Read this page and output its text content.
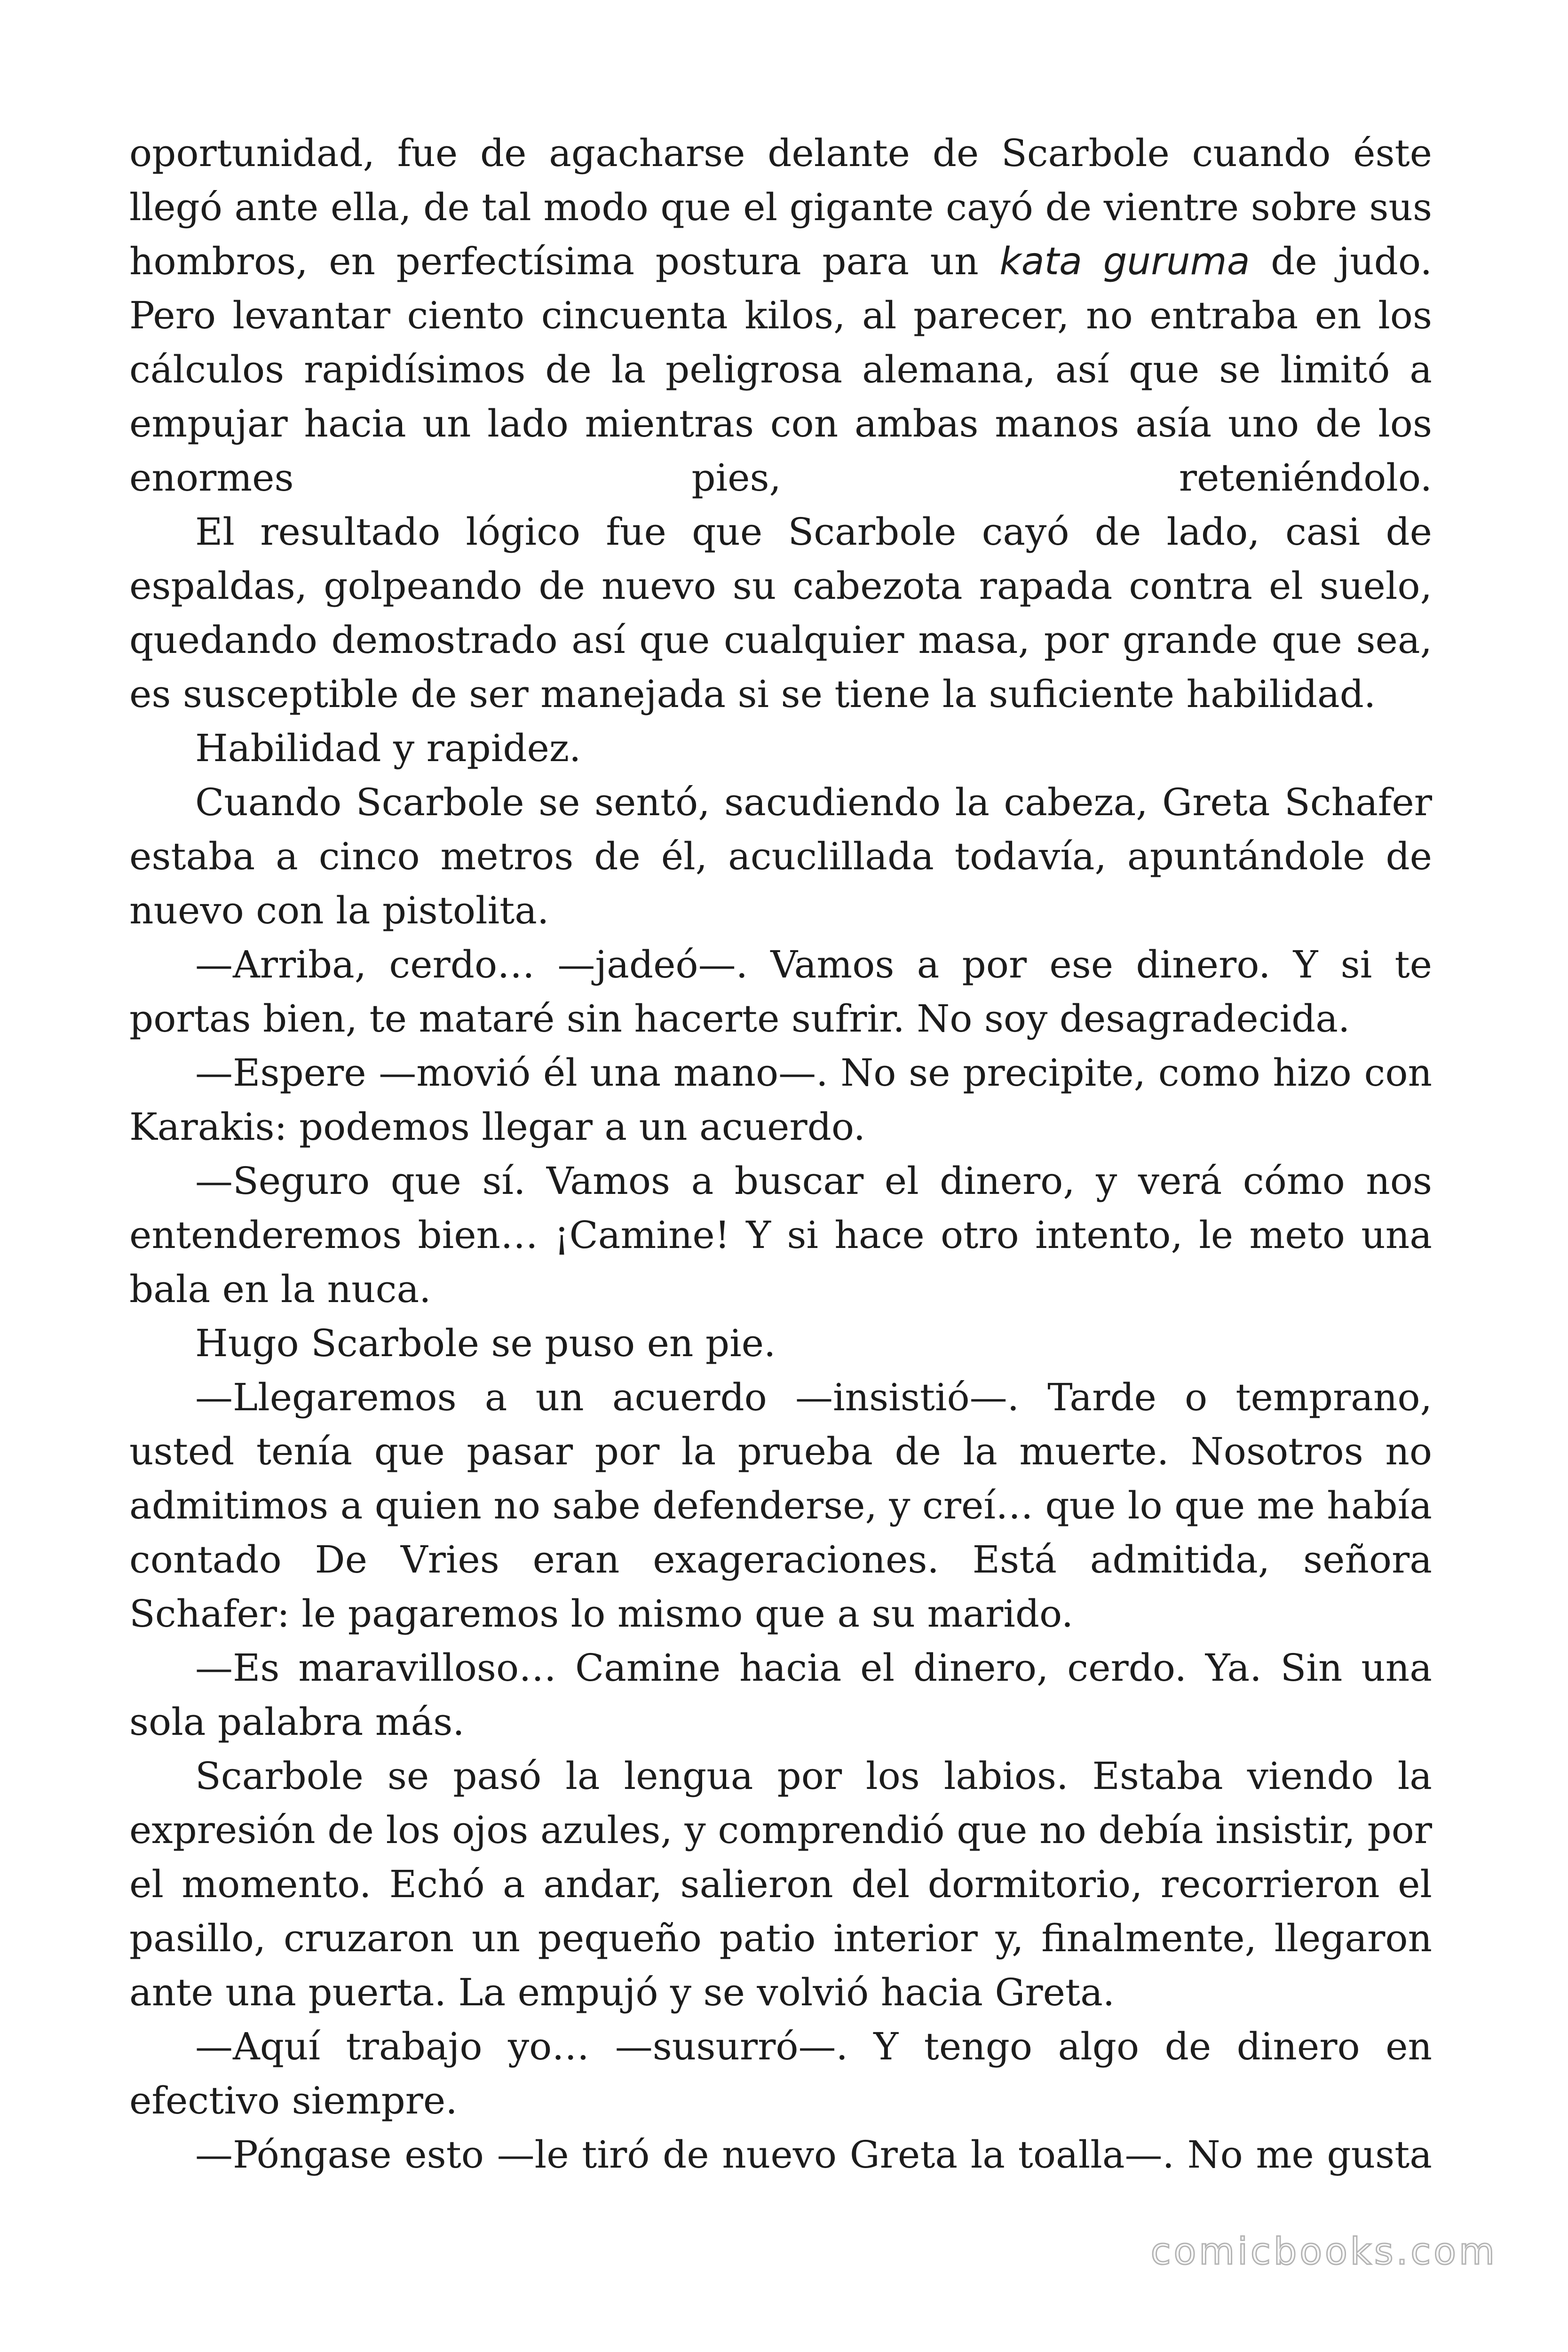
oportunidad, fue de agacharse delante de Scarbole cuando éste llegó ante ella, de tal modo que el gigante cayó de vientre sobre sus hombros, en perfectísima postura para un kata guruma de judo. Pero levantar ciento cincuenta kilos, al parecer, no entraba en los cálculos rapidísimos de la peligrosa alemana, así que se limitó a empujar hacia un lado mientras con ambas manos asía uno de los enormes pies, reteniéndolo.

El resultado lógico fue que Scarbole cayó de lado, casi de espaldas, golpeando de nuevo su cabezota rapada contra el suelo, quedando demostrado así que cualquier masa, por grande que sea, es susceptible de ser manejada si se tiene la suficiente habilidad.

Habilidad y rapidez.

Cuando Scarbole se sentó, sacudiendo la cabeza, Greta Schafer estaba a cinco metros de él, acuclillada todavía, apuntándole de nuevo con la pistolita.

—Arriba, cerdo… —jadeó—. Vamos a por ese dinero. Y si te portas bien, te mataré sin hacerte sufrir. No soy desagradecida.

—Espere —movió él una mano—. No se precipite, como hizo con Karakis: podemos llegar a un acuerdo.

—Seguro que sí. Vamos a buscar el dinero, y verá cómo nos entenderemos bien… ¡Camine! Y si hace otro intento, le meto una bala en la nuca.

Hugo Scarbole se puso en pie.

—Llegaremos a un acuerdo —insistió—. Tarde o temprano, usted tenía que pasar por la prueba de la muerte. Nosotros no admitimos a quien no sabe defenderse, y creí… que lo que me había contado De Vries eran exageraciones. Está admitida, señora Schafer: le pagaremos lo mismo que a su marido.

—Es maravilloso… Camine hacia el dinero, cerdo. Ya. Sin una sola palabra más.

Scarbole se pasó la lengua por los labios. Estaba viendo la expresión de los ojos azules, y comprendió que no debía insistir, por el momento. Echó a andar, salieron del dormitorio, recorrieron el pasillo, cruzaron un pequeño patio interior y, finalmente, llegaron ante una puerta. La empujó y se volvió hacia Greta.

—Aquí trabajo yo… —susurró—. Y tengo algo de dinero en efectivo siempre.

—Póngase esto —le tiró de nuevo Greta la toalla—. No me gusta

comicbooks.com
